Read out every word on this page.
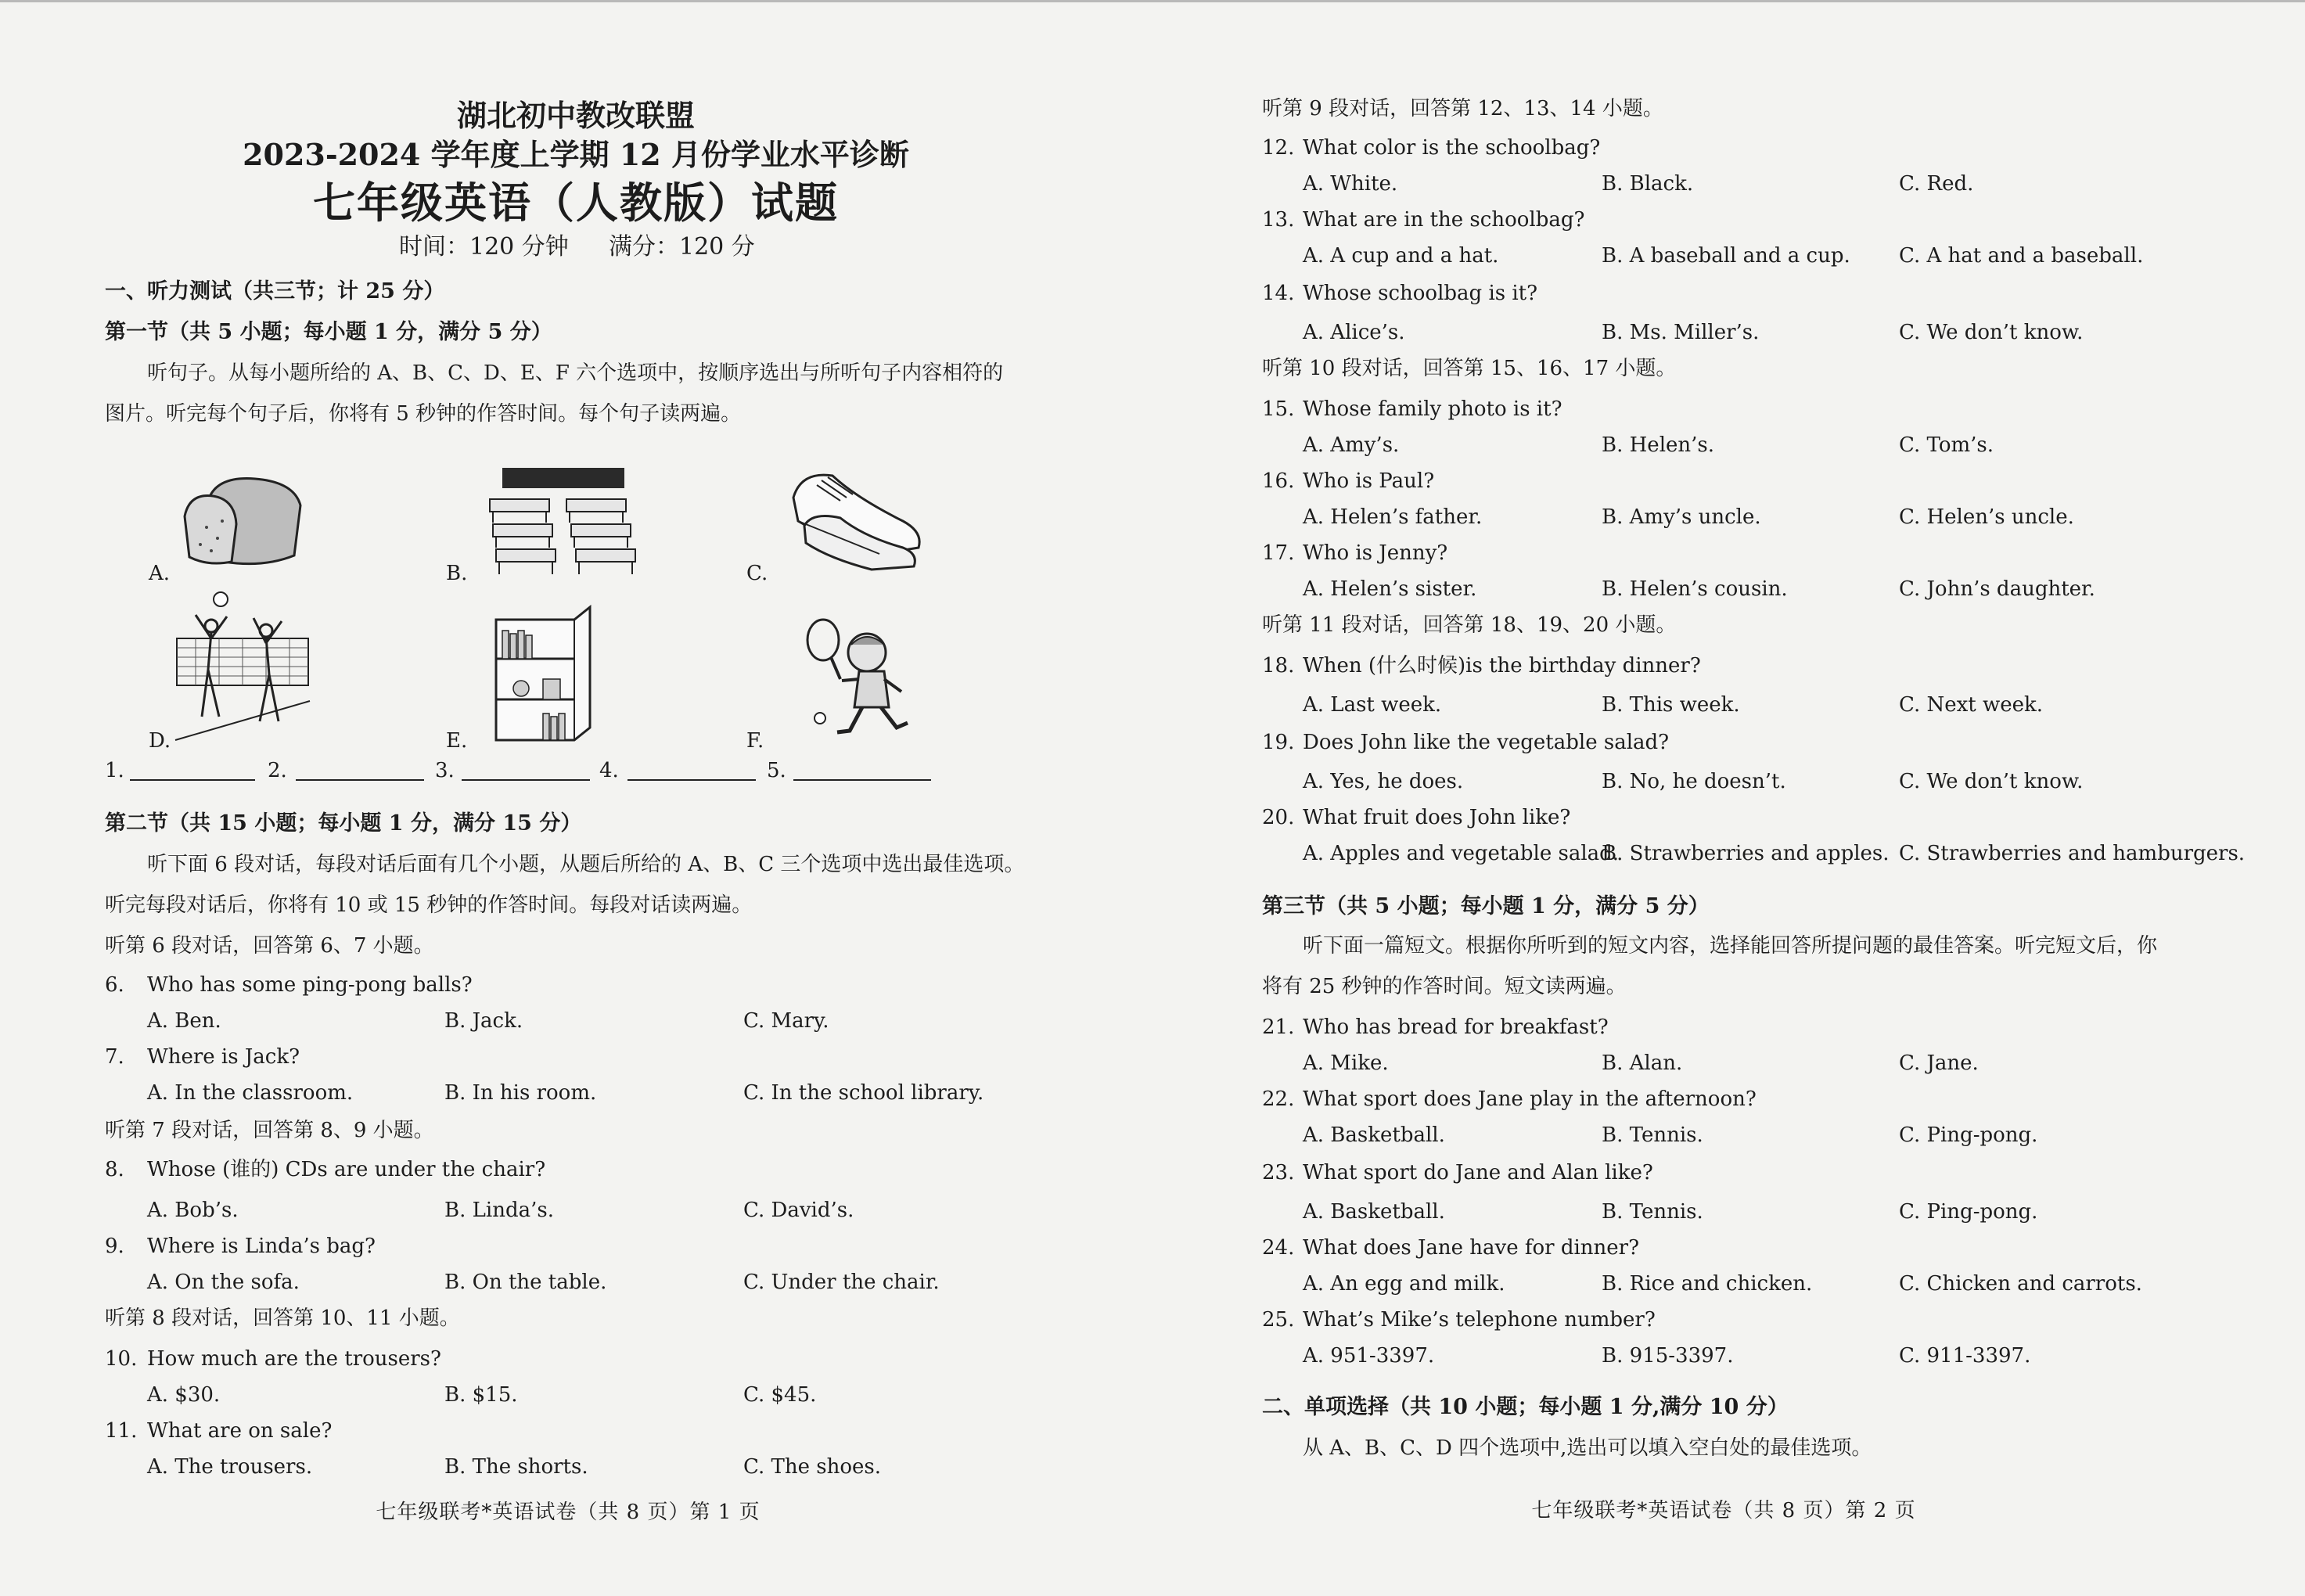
湖北初中教改联盟
2023-2024 学年度上学期 12 月份学业水平诊断
七年级英语（人教版）试题
时间：120 分钟 满分：120 分
一、听力测试（共三节；计 25 分）
第一节（共 5 小题；每小题 1 分，满分 5 分）
听句子。从每小题所给的 A、B、C、D、E、F 六个选项中，按顺序选出与所听句子内容相符的
图片。听完每个句子后，你将有 5 秒钟的作答时间。每个句子读两遍。
A.	B.	C.
D.	E.	F.
1.	2.	3.	4.	5.
第二节（共 15 小题；每小题 1 分，满分 15 分）
听下面 6 段对话，每段对话后面有几个小题，从题后所给的 A、B、C 三个选项中选出最佳选项。
听完每段对话后，你将有 10 或 15 秒钟的作答时间。每段对话读两遍。
听第 6 段对话，回答第 6、7 小题。
6. Who has some ping-pong balls?
A. Ben.	B. Jack.	C. Mary.
7. Where is Jack?
A. In the classroom.	B. In his room.	C. In the school library.
听第 7 段对话，回答第 8、9 小题。
8. Whose (谁的) CDs are under the chair?
A. Bob’s.	B. Linda’s.	C. David’s.
9. Where is Linda’s bag?
A. On the sofa.	B. On the table.	C. Under the chair.
听第 8 段对话，回答第 10、11 小题。
10. How much are the trousers?
A. $30.	B. $15.	C. $45.
11. What are on sale?
A. The trousers.	B. The shorts.	C. The shoes.
七年级联考*英语试卷（共 8 页）第 1 页
听第 9 段对话，回答第 12、13、14 小题。
12. What color is the schoolbag?
A. White.	B. Black.	C. Red.
13. What are in the schoolbag?
A. A cup and a hat.	B. A baseball and a cup. C. A hat and a baseball.
14. Whose schoolbag is it?
A. Alice’s.	B. Ms. Miller’s.	C. We don’t know.
听第 10 段对话，回答第 15、16、17 小题。
15. Whose family photo is it?
A. Amy’s.	B. Helen’s.	C. Tom’s.
16. Who is Paul?
A. Helen’s father.	B. Amy’s uncle.	C. Helen’s uncle.
17. Who is Jenny?
A. Helen’s sister.	B. Helen’s cousin.	C. John’s daughter.
听第 11 段对话，回答第 18、19、20 小题。
18. When (什么时候)is the birthday dinner?
A. Last week.	B. This week.	C. Next week.
19. Does John like the vegetable salad?
A. Yes, he does.	B. No, he doesn’t.	C. We don’t know.
20. What fruit does John like?
A. Apples and vegetable salad.
B. Strawberries and apples. C. Strawberries and hamburgers.
第三节（共 5 小题；每小题 1 分，满分 5 分）
听下面一篇短文。根据你所听到的短文内容，选择能回答所提问题的最佳答案。听完短文后，你
将有 25 秒钟的作答时间。短文读两遍。
21. Who has bread for breakfast?
A. Mike.	B. Alan.	C. Jane.
22. What sport does Jane play in the afternoon?
A. Basketball.	B. Tennis.	C. Ping-pong.
23. What sport do Jane and Alan like?
A. Basketball.	B. Tennis.	C. Ping-pong.
24. What does Jane have for dinner?
A. An egg and milk.	B. Rice and chicken.	C. Chicken and carrots.
25. What’s Mike’s telephone number?
A. 951-3397.	B. 915-3397.	C. 911-3397.
二、单项选择（共 10 小题；每小题 1 分,满分 10 分）
从 A、B、C、D 四个选项中,选出可以填入空白处的最佳选项。
七年级联考*英语试卷（共 8 页）第 2 页
